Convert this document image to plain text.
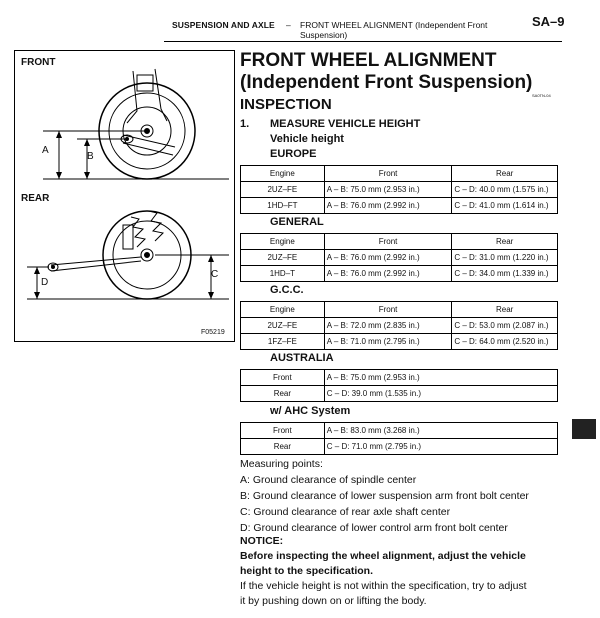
SUSPENSION AND AXLE – FRONT WHEEL ALIGNMENT (Independent Front
Suspension)
SA–9
FRONT
REAR
A
B
C
D
F05219
FRONT WHEEL ALIGNMENT
(Independent Front Suspension)
SA0TN-04
INSPECTION
1. MEASURE VEHICLE HEIGHT
Vehicle height
EUROPE
Engine	Front	Rear
2UZ–FE	A – B: 75.0 mm (2.953 in.)	C – D: 40.0 mm (1.575 in.)
1HD–FT	A – B: 76.0 mm (2.992 in.)	C – D: 41.0 mm (1.614 in.)
GENERAL
Engine	Front	Rear
2UZ–FE	A – B: 76.0 mm (2.992 in.)	C – D: 31.0 mm (1.220 in.)
1HD–T	A – B: 76.0 mm (2.992 in.)	C – D: 34.0 mm (1.339 in.)
G.C.C.
Engine	Front	Rear
2UZ–FE	A – B: 72.0 mm (2.835 in.)	C – D: 53.0 mm (2.087 in.)
1FZ–FE	A – B: 71.0 mm (2.795 in.)	C – D: 64.0 mm (2.520 in.)
AUSTRALIA
Front	A – B: 75.0 mm (2.953 in.)
Rear	C – D: 39.0 mm (1.535 in.)
w/ AHC System
Front	A – B: 83.0 mm (3.268 in.)
Rear	C – D: 71.0 mm (2.795 in.)
Measuring points:
A: Ground clearance of spindle center
B: Ground clearance of lower suspension arm front bolt center
C: Ground clearance of rear axle shaft center
D: Ground clearance of lower control arm front bolt center
NOTICE:
Before inspecting the wheel alignment, adjust the vehicle
height to the specification.
If the vehicle height is not within the specification, try to adjust
it by pushing down on or lifting the body.
